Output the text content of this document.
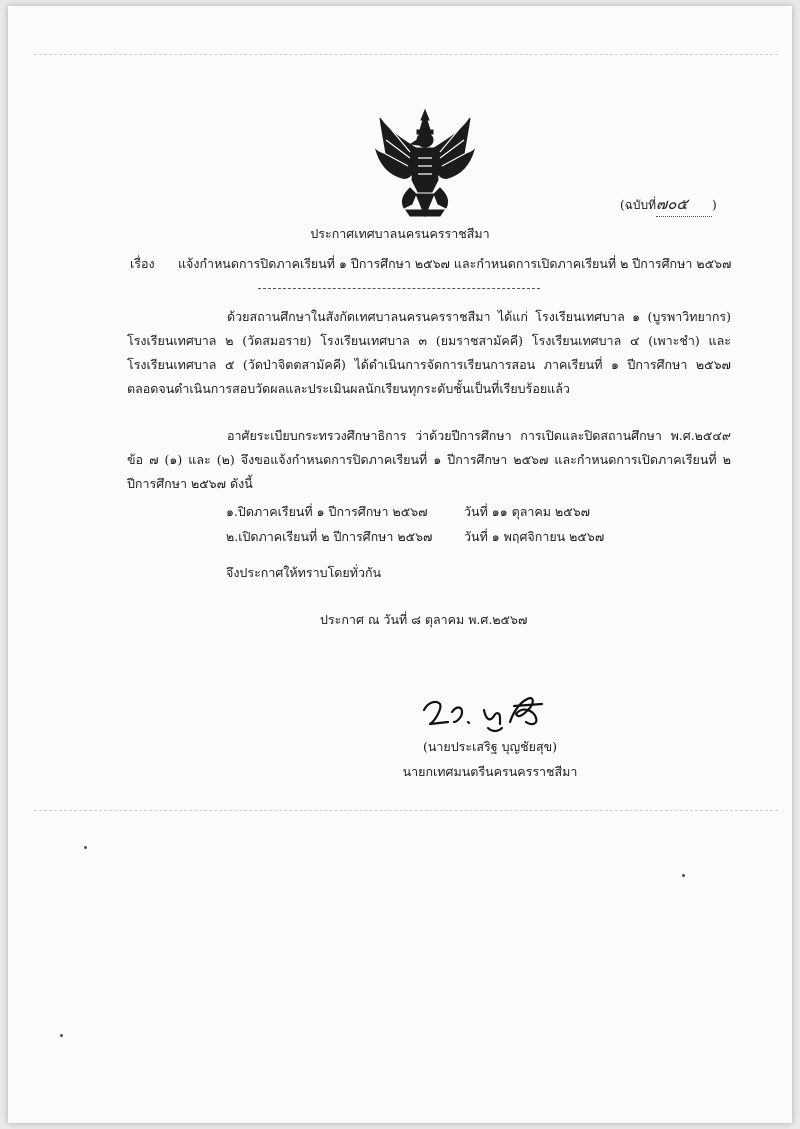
(ฉบับที่๗๐๕ )
ประกาศเทศบาลนครนครราชสีมา
เรื่อง แจ้งกำหนดการปิดภาคเรียนที่ ๑ ปีการศึกษา ๒๕๖๗ และกำหนดการเปิดภาคเรียนที่ ๒ ปีการศึกษา ๒๕๖๗
ด้วยสถานศึกษาในสังกัดเทศบาลนครนครราชสีมา ได้แก่ โรงเรียนเทศบาล ๑ (บูรพาวิทยากร)
โรงเรียนเทศบาล ๒ (วัดสมอราย) โรงเรียนเทศบาล ๓ (ยมราชสามัคคี) โรงเรียนเทศบาล ๔ (เพาะชำ) และ
โรงเรียนเทศบาล ๕ (วัดป่าจิตตสามัคคี) ได้ดำเนินการจัดการเรียนการสอน ภาคเรียนที่ ๑ ปีการศึกษา ๒๕๖๗
ตลอดจนดำเนินการสอบวัดผลและประเมินผลนักเรียนทุกระดับชั้นเป็นที่เรียบร้อยแล้ว
อาศัยระเบียบกระทรวงศึกษาธิการ ว่าด้วยปีการศึกษา การเปิดและปิดสถานศึกษา พ.ศ.๒๕๔๙
ข้อ ๗ (๑) และ (๒) จึงขอแจ้งกำหนดการปิดภาคเรียนที่ ๑ ปีการศึกษา ๒๕๖๗ และกำหนดการเปิดภาคเรียนที่ ๒
ปีการศึกษา ๒๕๖๗ ดังนี้
๑.ปิดภาคเรียนที่ ๑ ปีการศึกษา ๒๕๖๗	วันที่ ๑๑ ตุลาคม ๒๕๖๗
๒.เปิดภาคเรียนที่ ๒ ปีการศึกษา ๒๕๖๗	วันที่ ๑ พฤศจิกายน ๒๕๖๗
จึงประกาศให้ทราบโดยทั่วกัน
ประกาศ ณ วันที่ ๘ ตุลาคม พ.ศ.๒๕๖๗
(นายประเสริฐ บุญชัยสุข)
นายกเทศมนตรีนครนครราชสีมา
